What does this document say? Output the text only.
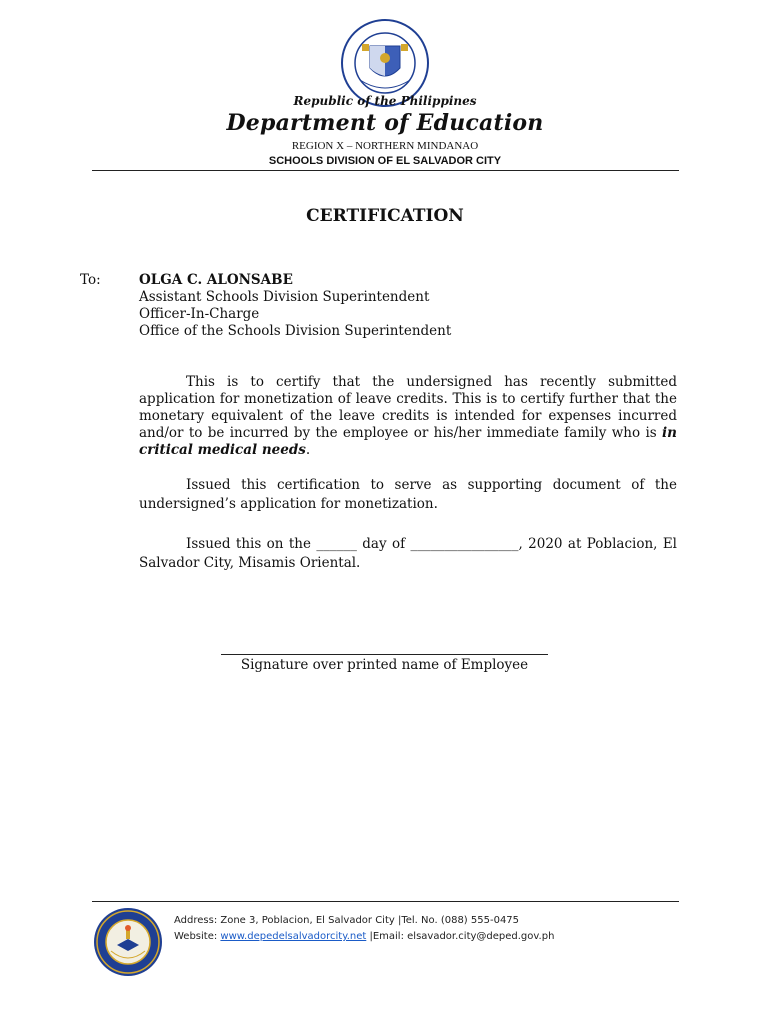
Republic of the Philippines
Department of Education
REGION X – NORTHERN MINDANAO
SCHOOLS DIVISION OF EL SALVADOR CITY
CERTIFICATION
To:	OLGA C. ALONSABE
Assistant Schools Division Superintendent
Officer-In-Charge
Office of the Schools Division Superintendent
This is to certify that the undersigned has recently submitted application for monetization of leave credits. This is to certify further that the monetary equivalent of the leave credits is intended for expenses incurred and/or to be incurred by the employee or his/her immediate family who is in critical medical needs.
Issued this certification to serve as supporting document of the undersigned’s application for monetization.
Issued this on the ______ day of ________________, 2020 at Poblacion, El Salvador City, Misamis Oriental.
Signature over printed name of Employee
Address: Zone 3, Poblacion, El Salvador City |Tel. No. (088) 555-0475
Website: www.depedelsalvadorcity.net |Email: elsavador.city@deped.gov.ph
